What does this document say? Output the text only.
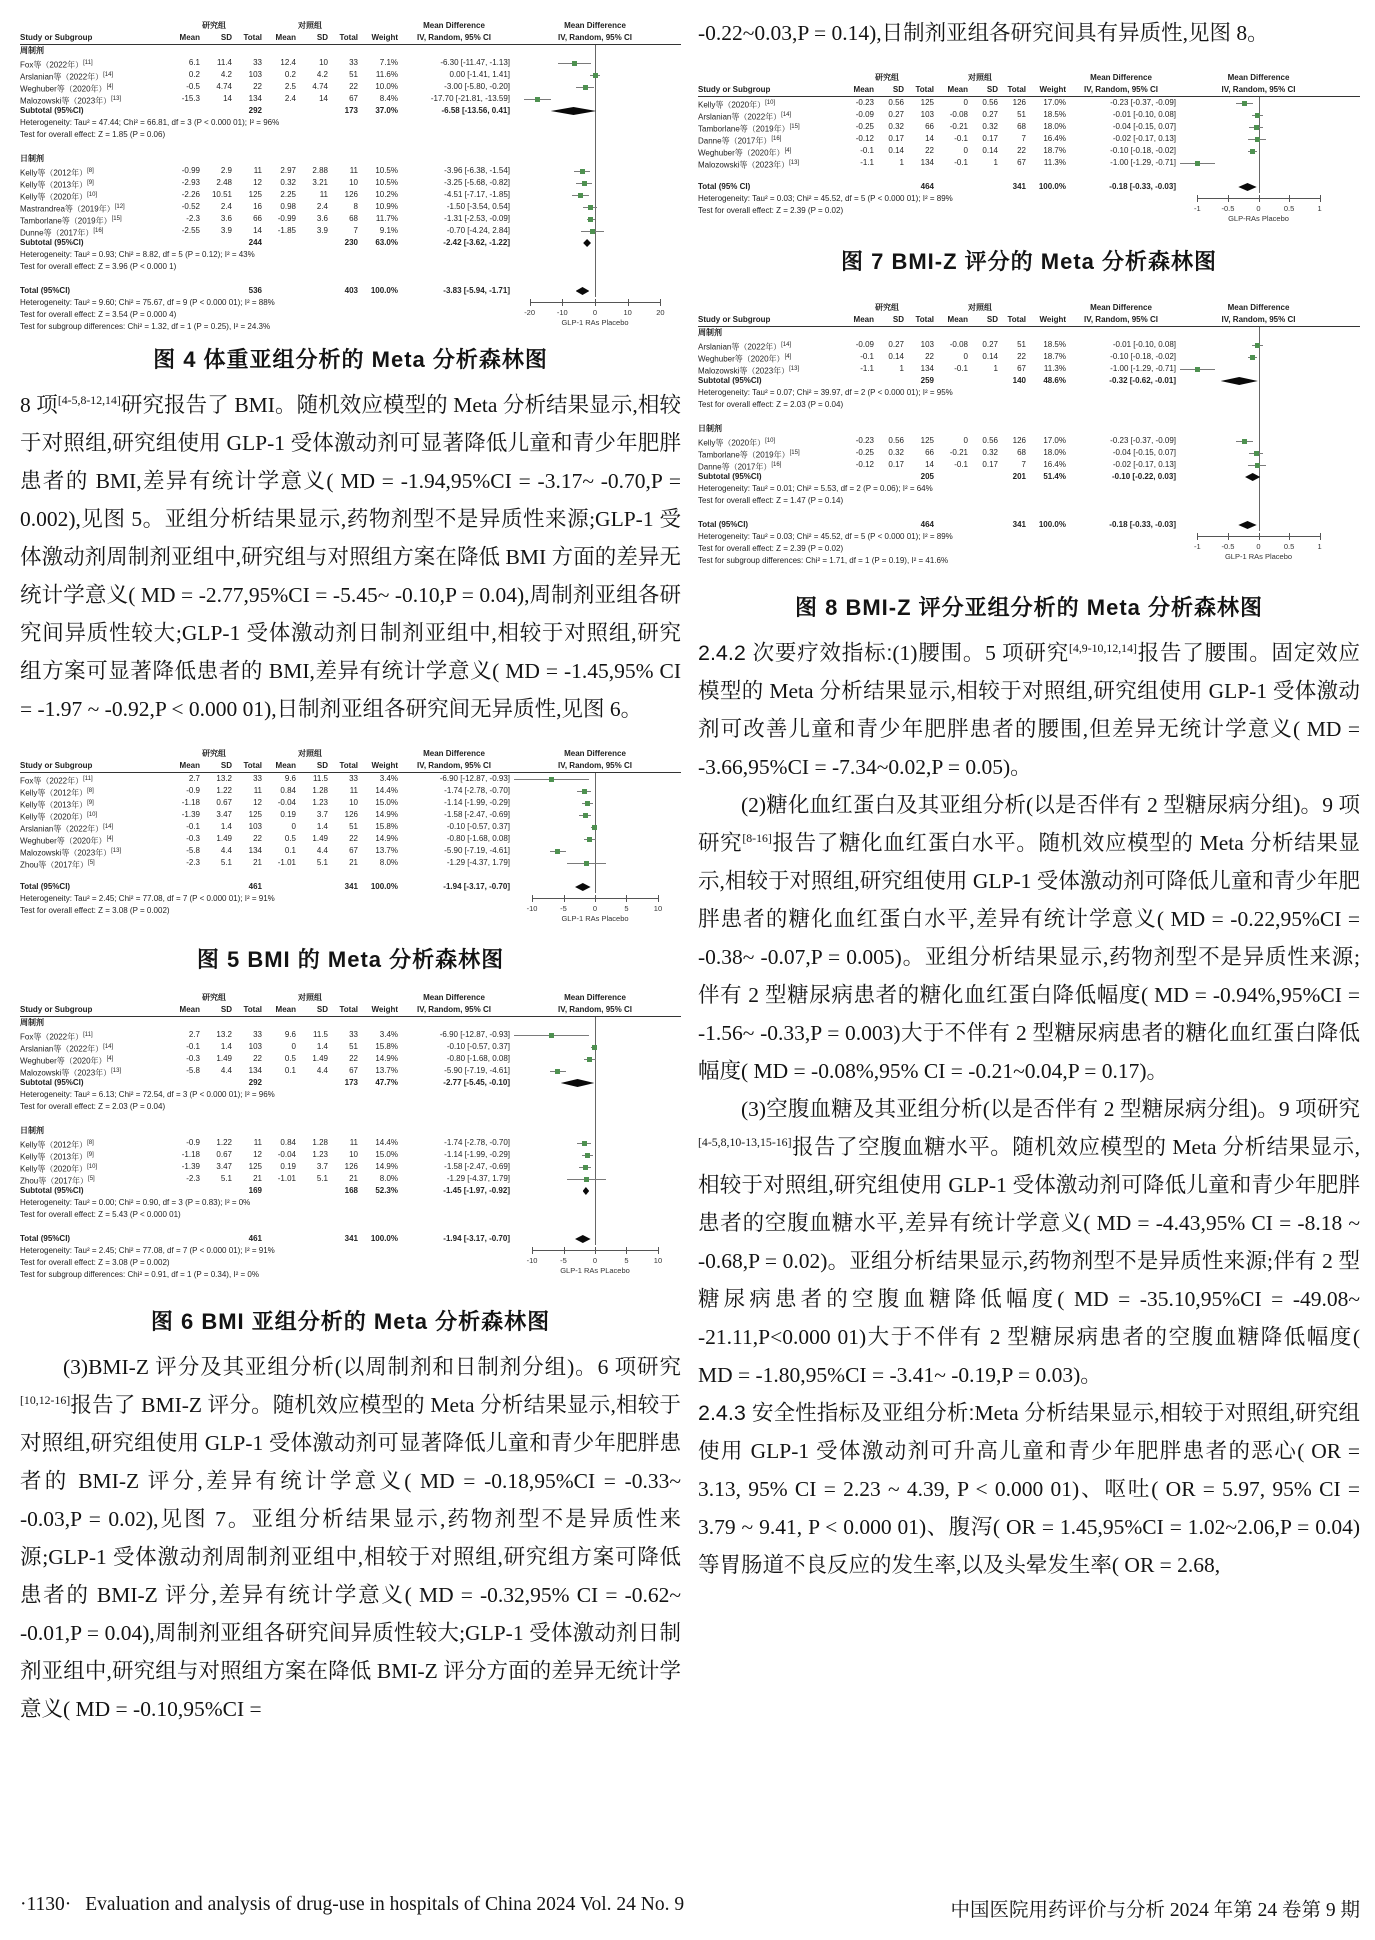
研究组	对照组	Mean Difference	Mean Difference
Study or Subgroup	Mean	SD	Total	Mean	SD	Total	Weight	IV, Random, 95% CI	IV, Random, 95% CI
周制剂
Fox等（2022年）[11]	6.1	11.4	33	12.4	10	33	7.1%	-6.30 [-11.47, -1.13]
Arslanian等（2022年）[14]	0.2	4.2	103	0.2	4.2	51	11.6%	0.00 [-1.41, 1.41]
Weghuber等（2020年）[4]	-0.5	4.74	22	2.5	4.74	22	10.0%	-3.00 [-5.80, -0.20]
Malozowski等（2023年）[13]	-15.3	14	134	2.4	14	67	8.4%	-17.70 [-21.81, -13.59]
Subtotal (95%CI)	292	173	37.0%	-6.58 [-13.56, 0.41]
Heterogeneity: Tau² = 47.44; Chi² = 66.81, df = 3 (P < 0.000 01); I² = 96%
Test for overall effect: Z = 1.85 (P = 0.06)

日制剂
Kelly等（2012年）[8]	-0.99	2.9	11	2.97	2.88	11	10.5%	-3.96 [-6.38, -1.54]
Kelly等（2013年）[9]	-2.93	2.48	12	0.32	3.21	10	10.5%	-3.25 [-5.68, -0.82]
Kelly等（2020年）[10]	-2.26	10.51	125	2.25	11	126	10.2%	-4.51 [-7.17, -1.85]
Mastrandrea等（2019年）[12]	-0.52	2.4	16	0.98	2.4	8	10.9%	-1.50 [-3.54, 0.54]
Tamborlane等（2019年）[15]	-2.3	3.6	66	-0.99	3.6	68	11.7%	-1.31 [-2.53, -0.09]
Dunne等（2017年）[16]	-2.55	3.9	14	-1.85	3.9	7	9.1%	-0.70 [-4.24, 2.84]
Subtotal (95%CI)	244	230	63.0%	-2.42 [-3.62, -1.22]
Heterogeneity: Tau² = 0.93; Chi² = 8.82, df = 5 (P = 0.12); I² = 43%
Test for overall effect: Z = 3.96 (P < 0.000 1)

Total (95%CI)	536	403	100.0%	-3.83 [-5.94, -1.71]
Heterogeneity: Tau² = 9.60; Chi² = 75.67, df = 9 (P < 0.000 01); I² = 88%
-20	-10	0	10	20
GLP-1 RAs Placebo
Test for overall effect: Z = 3.54 (P = 0.000 4)
Test for subgroup differences: Chi² = 1.32, df = 1 (P = 0.25), I² = 24.3%
图 4 体重亚组分析的 Meta 分析森林图

8 项[4-5,8-12,14]研究报告了 BMI。随机效应模型的 Meta 分析结果显示,相较于对照组,研究组使用 GLP-1 受体激动剂可显著降低儿童和青少年肥胖患者的 BMI,差异有统计学意义( MD = -1.94,95%CI = -3.17~ -0.70,P = 0.002),见图 5。亚组分析结果显示,药物剂型不是异质性来源;GLP-1 受体激动剂周制剂亚组中,研究组与对照组方案在降低 BMI 方面的差异无统计学意义( MD = -2.77,95%CI = -5.45~ -0.10,P = 0.04),周制剂亚组各研究间异质性较大;GLP-1 受体激动剂日制剂亚组中,相较于对照组,研究组方案可显著降低患者的 BMI,差异有统计学意义( MD = -1.45,95% CI = -1.97 ~ -0.92,P < 0.000 01),日制剂亚组各研究间无异质性,见图 6。

研究组	对照组	Mean Difference	Mean Difference
Study or Subgroup	Mean	SD	Total	Mean	SD	Total	Weight	IV, Random, 95% CI	IV, Random, 95% CI
Fox等（2022年）[11]	2.7	13.2	33	9.6	11.5	33	3.4%	-6.90 [-12.87, -0.93]
Kelly等（2012年）[8]	-0.9	1.22	11	0.84	1.28	11	14.4%	-1.74 [-2.78, -0.70]
Kelly等（2013年）[9]	-1.18	0.67	12	-0.04	1.23	10	15.0%	-1.14 [-1.99, -0.29]
Kelly等（2020年）[10]	-1.39	3.47	125	0.19	3.7	126	14.9%	-1.58 [-2.47, -0.69]
Arslanian等（2022年）[14]	-0.1	1.4	103	0	1.4	51	15.8%	-0.10 [-0.57, 0.37]
Weghuber等（2020年）[4]	-0.3	1.49	22	0.5	1.49	22	14.9%	-0.80 [-1.68, 0.08]
Malozowski等（2023年）[13]	-5.8	4.4	134	0.1	4.4	67	13.7%	-5.90 [-7.19, -4.61]
Zhou等（2017年）[5]	-2.3	5.1	21	-1.01	5.1	21	8.0%	-1.29 [-4.37, 1.79]

Total (95%CI)	461	341	100.0%	-1.94 [-3.17, -0.70]
Heterogeneity: Tau² = 2.45; Chi² = 77.08, df = 7 (P < 0.000 01); I² = 91%
-10	-5	0	5	10
GLP-1 RAs Placebo
Test for overall effect: Z = 3.08 (P = 0.002)
图 5 BMI 的 Meta 分析森林图
研究组	对照组	Mean Difference	Mean Difference
Study or Subgroup	Mean	SD	Total	Mean	SD	Total	Weight	IV, Random, 95% CI	IV, Random, 95% CI
周制剂
Fox等（2022年）[11]	2.7	13.2	33	9.6	11.5	33	3.4%	-6.90 [-12.87, -0.93]
Arslanian等（2022年）[14]	-0.1	1.4	103	0	1.4	51	15.8%	-0.10 [-0.57, 0.37]
Weghuber等（2020年）[4]	-0.3	1.49	22	0.5	1.49	22	14.9%	-0.80 [-1.68, 0.08]
Malozowski等（2023年）[13]	-5.8	4.4	134	0.1	4.4	67	13.7%	-5.90 [-7.19, -4.61]
Subtotal (95%CI)	292	173	47.7%	-2.77 [-5.45, -0.10]
Heterogeneity: Tau² = 6.13; Chi² = 72.54, df = 3 (P < 0.000 01); I² = 96%
Test for overall effect: Z = 2.03 (P = 0.04)

日制剂
Kelly等（2012年）[8]	-0.9	1.22	11	0.84	1.28	11	14.4%	-1.74 [-2.78, -0.70]
Kelly等（2013年）[9]	-1.18	0.67	12	-0.04	1.23	10	15.0%	-1.14 [-1.99, -0.29]
Kelly等（2020年）[10]	-1.39	3.47	125	0.19	3.7	126	14.9%	-1.58 [-2.47, -0.69]
Zhou等（2017年）[5]	-2.3	5.1	21	-1.01	5.1	21	8.0%	-1.29 [-4.37, 1.79]
Subtotal (95%CI)	169	168	52.3%	-1.45 [-1.97, -0.92]
Heterogeneity: Tau² = 0.00; Chi² = 0.90, df = 3 (P = 0.83); I² = 0%
Test for overall effect: Z = 5.43 (P < 0.000 01)

Total (95%CI)	461	341	100.0%	-1.94 [-3.17, -0.70]
Heterogeneity: Tau² = 2.45; Chi² = 77.08, df = 7 (P < 0.000 01); I² = 91%
-10	-5	0	5	10
GLP-1 RAs PLacebo
Test for overall effect: Z = 3.08 (P = 0.002)
Test for subgroup differences: Chi² = 0.91, df = 1 (P = 0.34), I² = 0%
图 6 BMI 亚组分析的 Meta 分析森林图

(3)BMI-Z 评分及其亚组分析(以周制剂和日制剂分组)。6 项研究[10,12-16]报告了 BMI-Z 评分。随机效应模型的 Meta 分析结果显示,相较于对照组,研究组使用 GLP-1 受体激动剂可显著降低儿童和青少年肥胖患者的 BMI-Z 评分,差异有统计学意义( MD = -0.18,95%CI = -0.33~ -0.03,P = 0.02),见图 7。亚组分析结果显示,药物剂型不是异质性来源;GLP-1 受体激动剂周制剂亚组中,相较于对照组,研究组方案可降低患者的 BMI-Z 评分,差异有统计学意义( MD = -0.32,95% CI = -0.62~ -0.01,P = 0.04),周制剂亚组各研究间异质性较大;GLP-1 受体激动剂日制剂亚组中,研究组与对照组方案在降低 BMI-Z 评分方面的差异无统计学意义( MD = -0.10,95%CI =

-0.22~0.03,P = 0.14),日制剂亚组各研究间具有异质性,见图 8。

研究组	对照组	Mean Difference	Mean Difference
Study or Subgroup	Mean	SD	Total	Mean	SD	Total	Weight	IV, Random, 95% CI	IV, Random, 95% CI
Kelly等（2020年）[10]	-0.23	0.56	125	0	0.56	126	17.0%	-0.23 [-0.37, -0.09]
Arslanian等（2022年）[14]	-0.09	0.27	103	-0.08	0.27	51	18.5%	-0.01 [-0.10, 0.08]
Tamborlane等（2019年）[15]	-0.25	0.32	66	-0.21	0.32	68	18.0%	-0.04 [-0.15, 0.07]
Danne等（2017年）[16]	-0.12	0.17	14	-0.1	0.17	7	16.4%	-0.02 [-0.17, 0.13]
Weghuber等（2020年）[4]	-0.1	0.14	22	0	0.14	22	18.7%	-0.10 [-0.18, -0.02]
Malozowski等（2023年）[13]	-1.1	1	134	-0.1	1	67	11.3%	-1.00 [-1.29, -0.71]

Total (95% CI)	464	341	100.0%	-0.18 [-0.33, -0.03]
Heterogeneity: Tau² = 0.03; Chi² = 45.52, df = 5 (P < 0.000 01); I² = 89%
-1	-0.5	0	0.5	1
GLP-RAs Placebo
Test for overall effect: Z = 2.39 (P = 0.02)
图 7 BMI-Z 评分的 Meta 分析森林图
研究组	对照组	Mean Difference	Mean Difference
Study or Subgroup	Mean	SD	Total	Mean	SD	Total	Weight	IV, Random, 95% CI	IV, Random, 95% CI
周制剂
Arslanian等（2022年）[14]	-0.09	0.27	103	-0.08	0.27	51	18.5%	-0.01 [-0.10, 0.08]
Weghuber等（2020年）[4]	-0.1	0.14	22	0	0.14	22	18.7%	-0.10 [-0.18, -0.02]
Malozowski等（2023年）[13]	-1.1	1	134	-0.1	1	67	11.3%	-1.00 [-1.29, -0.71]
Subtotal (95%CI)	259	140	48.6%	-0.32 [-0.62, -0.01]
Heterogeneity: Tau² = 0.07; Chi² = 39.97, df = 2 (P < 0.000 01); I² = 95%
Test for overall effect: Z = 2.03 (P = 0.04)

日制剂
Kelly等（2020年）[10]	-0.23	0.56	125	0	0.56	126	17.0%	-0.23 [-0.37, -0.09]
Tamborlane等（2019年）[15]	-0.25	0.32	66	-0.21	0.32	68	18.0%	-0.04 [-0.15, 0.07]
Danne等（2017年）[16]	-0.12	0.17	14	-0.1	0.17	7	16.4%	-0.02 [-0.17, 0.13]
Subtotal (95%CI)	205	201	51.4%	-0.10 [-0.22, 0.03]
Heterogeneity: Tau² = 0.01; Chi² = 5.53, df = 2 (P = 0.06); I² = 64%
Test for overall effect: Z = 1.47 (P = 0.14)

Total (95%CI)	464	341	100.0%	-0.18 [-0.33, -0.03]
Heterogeneity: Tau² = 0.03; Chi² = 45.52, df = 5 (P < 0.000 01); I² = 89%
-1	-0.5	0	0.5	1
GLP-1 RAs Placebo
Test for overall effect: Z = 2.39 (P = 0.02)
Test for subgroup differences: Chi² = 1.71, df = 1 (P = 0.19), I² = 41.6%
图 8 BMI-Z 评分亚组分析的 Meta 分析森林图

2.4.2 次要疗效指标:(1)腰围。5 项研究[4,9-10,12,14]报告了腰围。固定效应模型的 Meta 分析结果显示,相较于对照组,研究组使用 GLP-1 受体激动剂可改善儿童和青少年肥胖患者的腰围,但差异无统计学意义( MD = -3.66,95%CI = -7.34~0.02,P = 0.05)。

(2)糖化血红蛋白及其亚组分析(以是否伴有 2 型糖尿病分组)。9 项研究[8-16]报告了糖化血红蛋白水平。随机效应模型的 Meta 分析结果显示,相较于对照组,研究组使用 GLP-1 受体激动剂可降低儿童和青少年肥胖患者的糖化血红蛋白水平,差异有统计学意义( MD = -0.22,95%CI = -0.38~ -0.07,P = 0.005)。亚组分析结果显示,药物剂型不是异质性来源;伴有 2 型糖尿病患者的糖化血红蛋白降低幅度( MD = -0.94%,95%CI = -1.56~ -0.33,P = 0.003)大于不伴有 2 型糖尿病患者的糖化血红蛋白降低幅度( MD = -0.08%,95% CI = -0.21~0.04,P = 0.17)。

(3)空腹血糖及其亚组分析(以是否伴有 2 型糖尿病分组)。9 项研究[4-5,8,10-13,15-16]报告了空腹血糖水平。随机效应模型的 Meta 分析结果显示,相较于对照组,研究组使用 GLP-1 受体激动剂可降低儿童和青少年肥胖患者的空腹血糖水平,差异有统计学意义( MD = -4.43,95% CI = -8.18 ~ -0.68,P = 0.02)。亚组分析结果显示,药物剂型不是异质性来源;伴有 2 型糖尿病患者的空腹血糖降低幅度( MD = -35.10,95%CI = -49.08~ -21.11,P<0.000 01)大于不伴有 2 型糖尿病患者的空腹血糖降低幅度( MD = -1.80,95%CI = -3.41~ -0.19,P = 0.03)。

2.4.3 安全性指标及亚组分析:Meta 分析结果显示,相较于对照组,研究组使用 GLP-1 受体激动剂可升高儿童和青少年肥胖患者的恶心( OR = 3.13, 95% CI = 2.23 ~ 4.39, P < 0.000 01)、呕吐( OR = 5.97, 95% CI = 3.79 ~ 9.41, P < 0.000 01)、腹泻( OR = 1.45,95%CI = 1.02~2.06,P = 0.04)等胃肠道不良反应的发生率,以及头晕发生率( OR = 2.68,

·1130· Evaluation and analysis of drug-use in hospitals of China 2024 Vol. 24 No. 9	中国医院用药评价与分析 2024 年第 24 卷第 9 期
